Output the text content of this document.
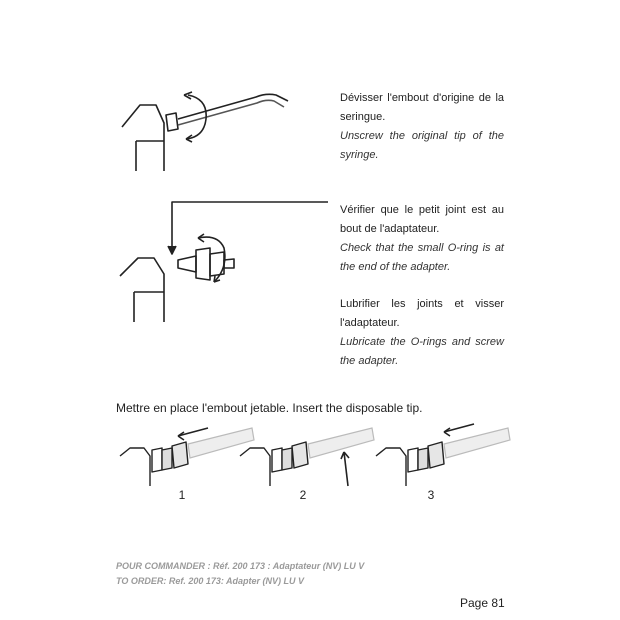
Dévisser l'embout d'origine de la seringue.
Unscrew the original tip of the syringe.
Vérifier que le petit joint est au bout de l'adaptateur.
Check that the small O-ring is at the end of the adapter.
Lubrifier les joints et visser l'adaptateur.
Lubricate the O-rings and screw the adapter.
Mettre en place l'embout jetable. Insert the disposable tip.
1	2	3
POUR COMMANDER : Réf. 200 173 : Adaptateur (NV) LU V
TO ORDER: Ref. 200 173: Adapter (NV) LU V
Page 81
